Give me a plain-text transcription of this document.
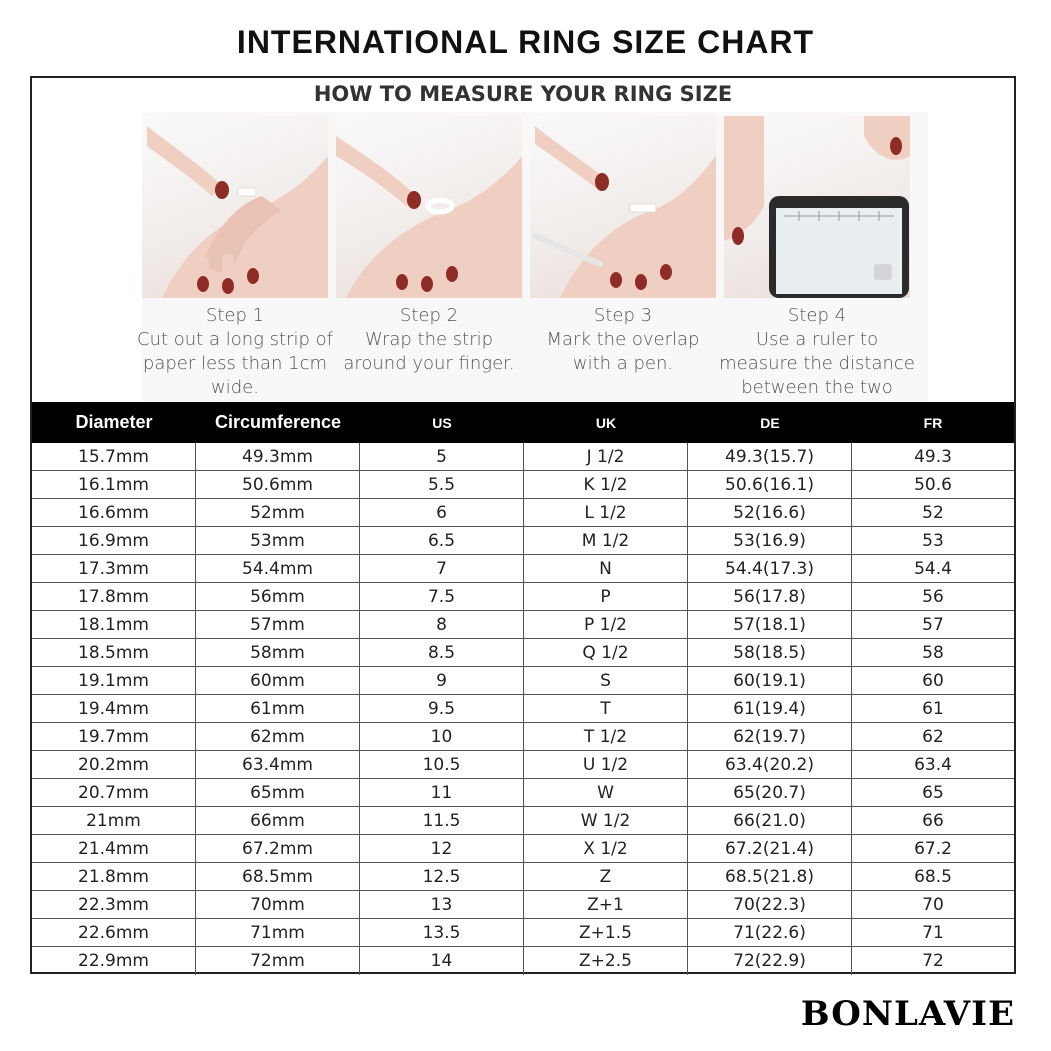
INTERNATIONAL RING SIZE CHART
HOW TO MEASURE YOUR RING SIZE
Step 1
Cut out a long strip of paper less than 1cm wide.
Step 2
Wrap the strip around your finger.
Step 3
Mark the overlap with a pen.
Step 4
Use a ruler to measure the distance between the two
Diameter	Circumference	US	UK	DE	FR
15.7mm	49.3mm	5	J 1/2	49.3(15.7)	49.3
16.1mm	50.6mm	5.5	K 1/2	50.6(16.1)	50.6
16.6mm	52mm	6	L 1/2	52(16.6)	52
16.9mm	53mm	6.5	M 1/2	53(16.9)	53
17.3mm	54.4mm	7	N	54.4(17.3)	54.4
17.8mm	56mm	7.5	P	56(17.8)	56
18.1mm	57mm	8	P 1/2	57(18.1)	57
18.5mm	58mm	8.5	Q 1/2	58(18.5)	58
19.1mm	60mm	9	S	60(19.1)	60
19.4mm	61mm	9.5	T	61(19.4)	61
19.7mm	62mm	10	T 1/2	62(19.7)	62
20.2mm	63.4mm	10.5	U 1/2	63.4(20.2)	63.4
20.7mm	65mm	11	W	65(20.7)	65
21mm	66mm	11.5	W 1/2	66(21.0)	66
21.4mm	67.2mm	12	X 1/2	67.2(21.4)	67.2
21.8mm	68.5mm	12.5	Z	68.5(21.8)	68.5
22.3mm	70mm	13	Z+1	70(22.3)	70
22.6mm	71mm	13.5	Z+1.5	71(22.6)	71
22.9mm	72mm	14	Z+2.5	72(22.9)	72
BONLAVIE
